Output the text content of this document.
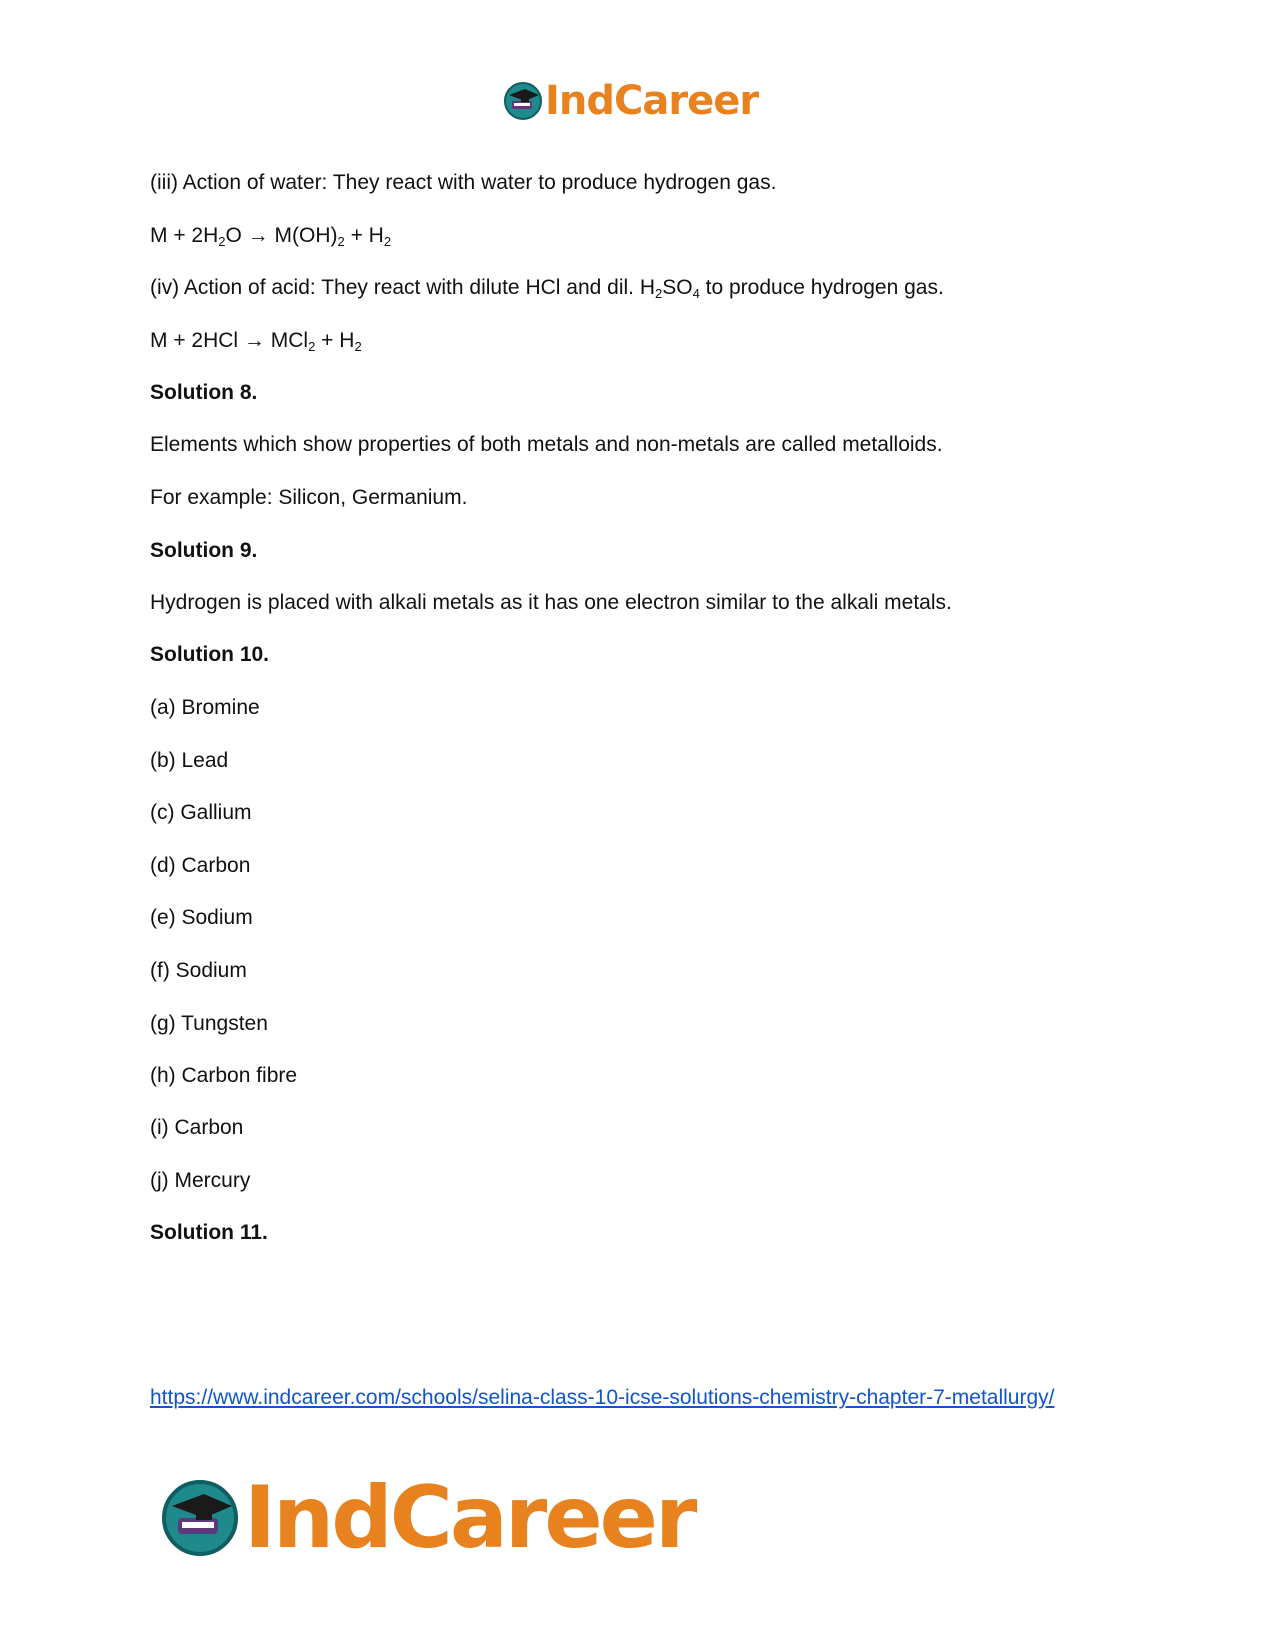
IndCareer
(iii) Action of water: They react with water to produce hydrogen gas.
$M + 2H_2O \to M(OH)_2 + H_2$
(iv) Action of acid: They react with dilute HCl and dil. $H_2SO_4$ to produce hydrogen gas.
$M + 2HCl \to MCl_2 + H_2$
Solution 8.
Elements which show properties of both metals and non-metals are called metalloids.
For example: Silicon, Germanium.
Solution 9.
Hydrogen is placed with alkali metals as it has one electron similar to the alkali metals.
Solution 10.
(a) Bromine
(b) Lead
(c) Gallium
(d) Carbon
(e) Sodium
(f) Sodium
(g) Tungsten
(h) Carbon fibre
(i) Carbon
(j) Mercury
Solution 11.
https://www.indcareer.com/schools/selina-class-10-icse-solutions-chemistry-chapter-7-metallurgy/
IndCareer
